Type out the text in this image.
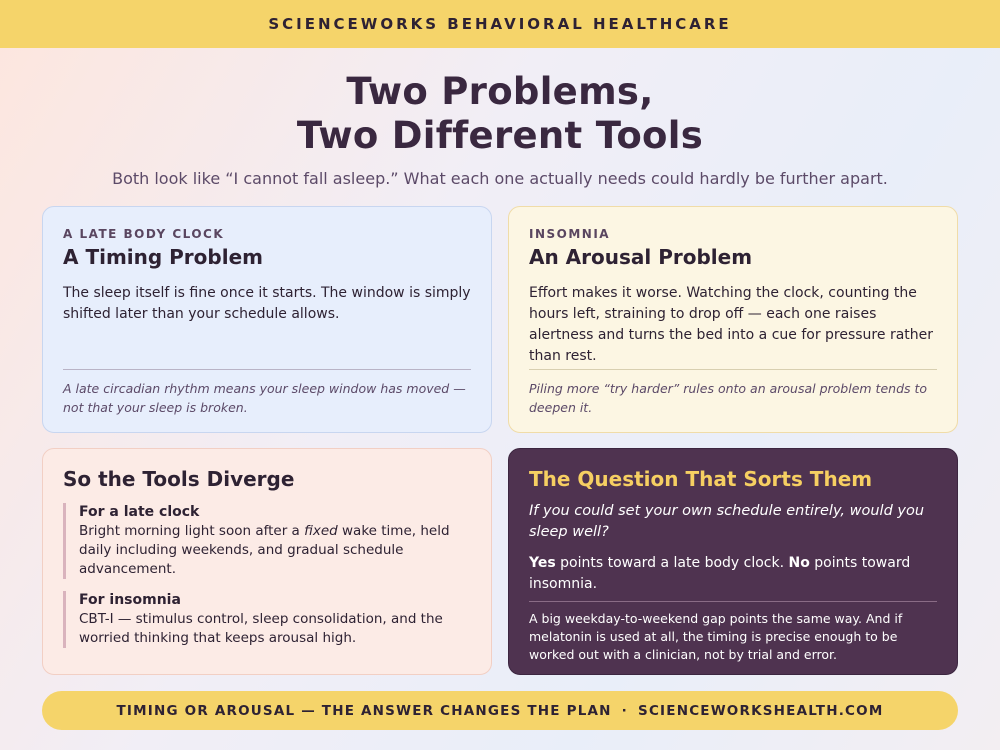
SCIENCEWORKS BEHAVIORAL HEALTHCARE
Two Problems,
Two Different Tools
Both look like “I cannot fall asleep.” What each one actually needs could hardly be further apart.
A LATE BODY CLOCK
A Timing Problem
The sleep itself is fine once it starts. The window is simply shifted later than your schedule allows.
A late circadian rhythm means your sleep window has moved — not that your sleep is broken.
INSOMNIA
An Arousal Problem
Effort makes it worse. Watching the clock, counting the hours left, straining to drop off — each one raises alertness and turns the bed into a cue for pressure rather than rest.
Piling more “try harder” rules onto an arousal problem tends to deepen it.
So the Tools Diverge
For a late clock
Bright morning light soon after a fixed wake time, held daily including weekends, and gradual schedule advancement.
For insomnia
CBT-I — stimulus control, sleep consolidation, and the worried thinking that keeps arousal high.
The Question That Sorts Them
If you could set your own schedule entirely, would you sleep well?
Yes points toward a late body clock. No points toward insomnia.
A big weekday-to-weekend gap points the same way. And if melatonin is used at all, the timing is precise enough to be worked out with a clinician, not by trial and error.
TIMING OR AROUSAL — THE ANSWER CHANGES THE PLAN · SCIENCEWORKSHEALTH.COM
